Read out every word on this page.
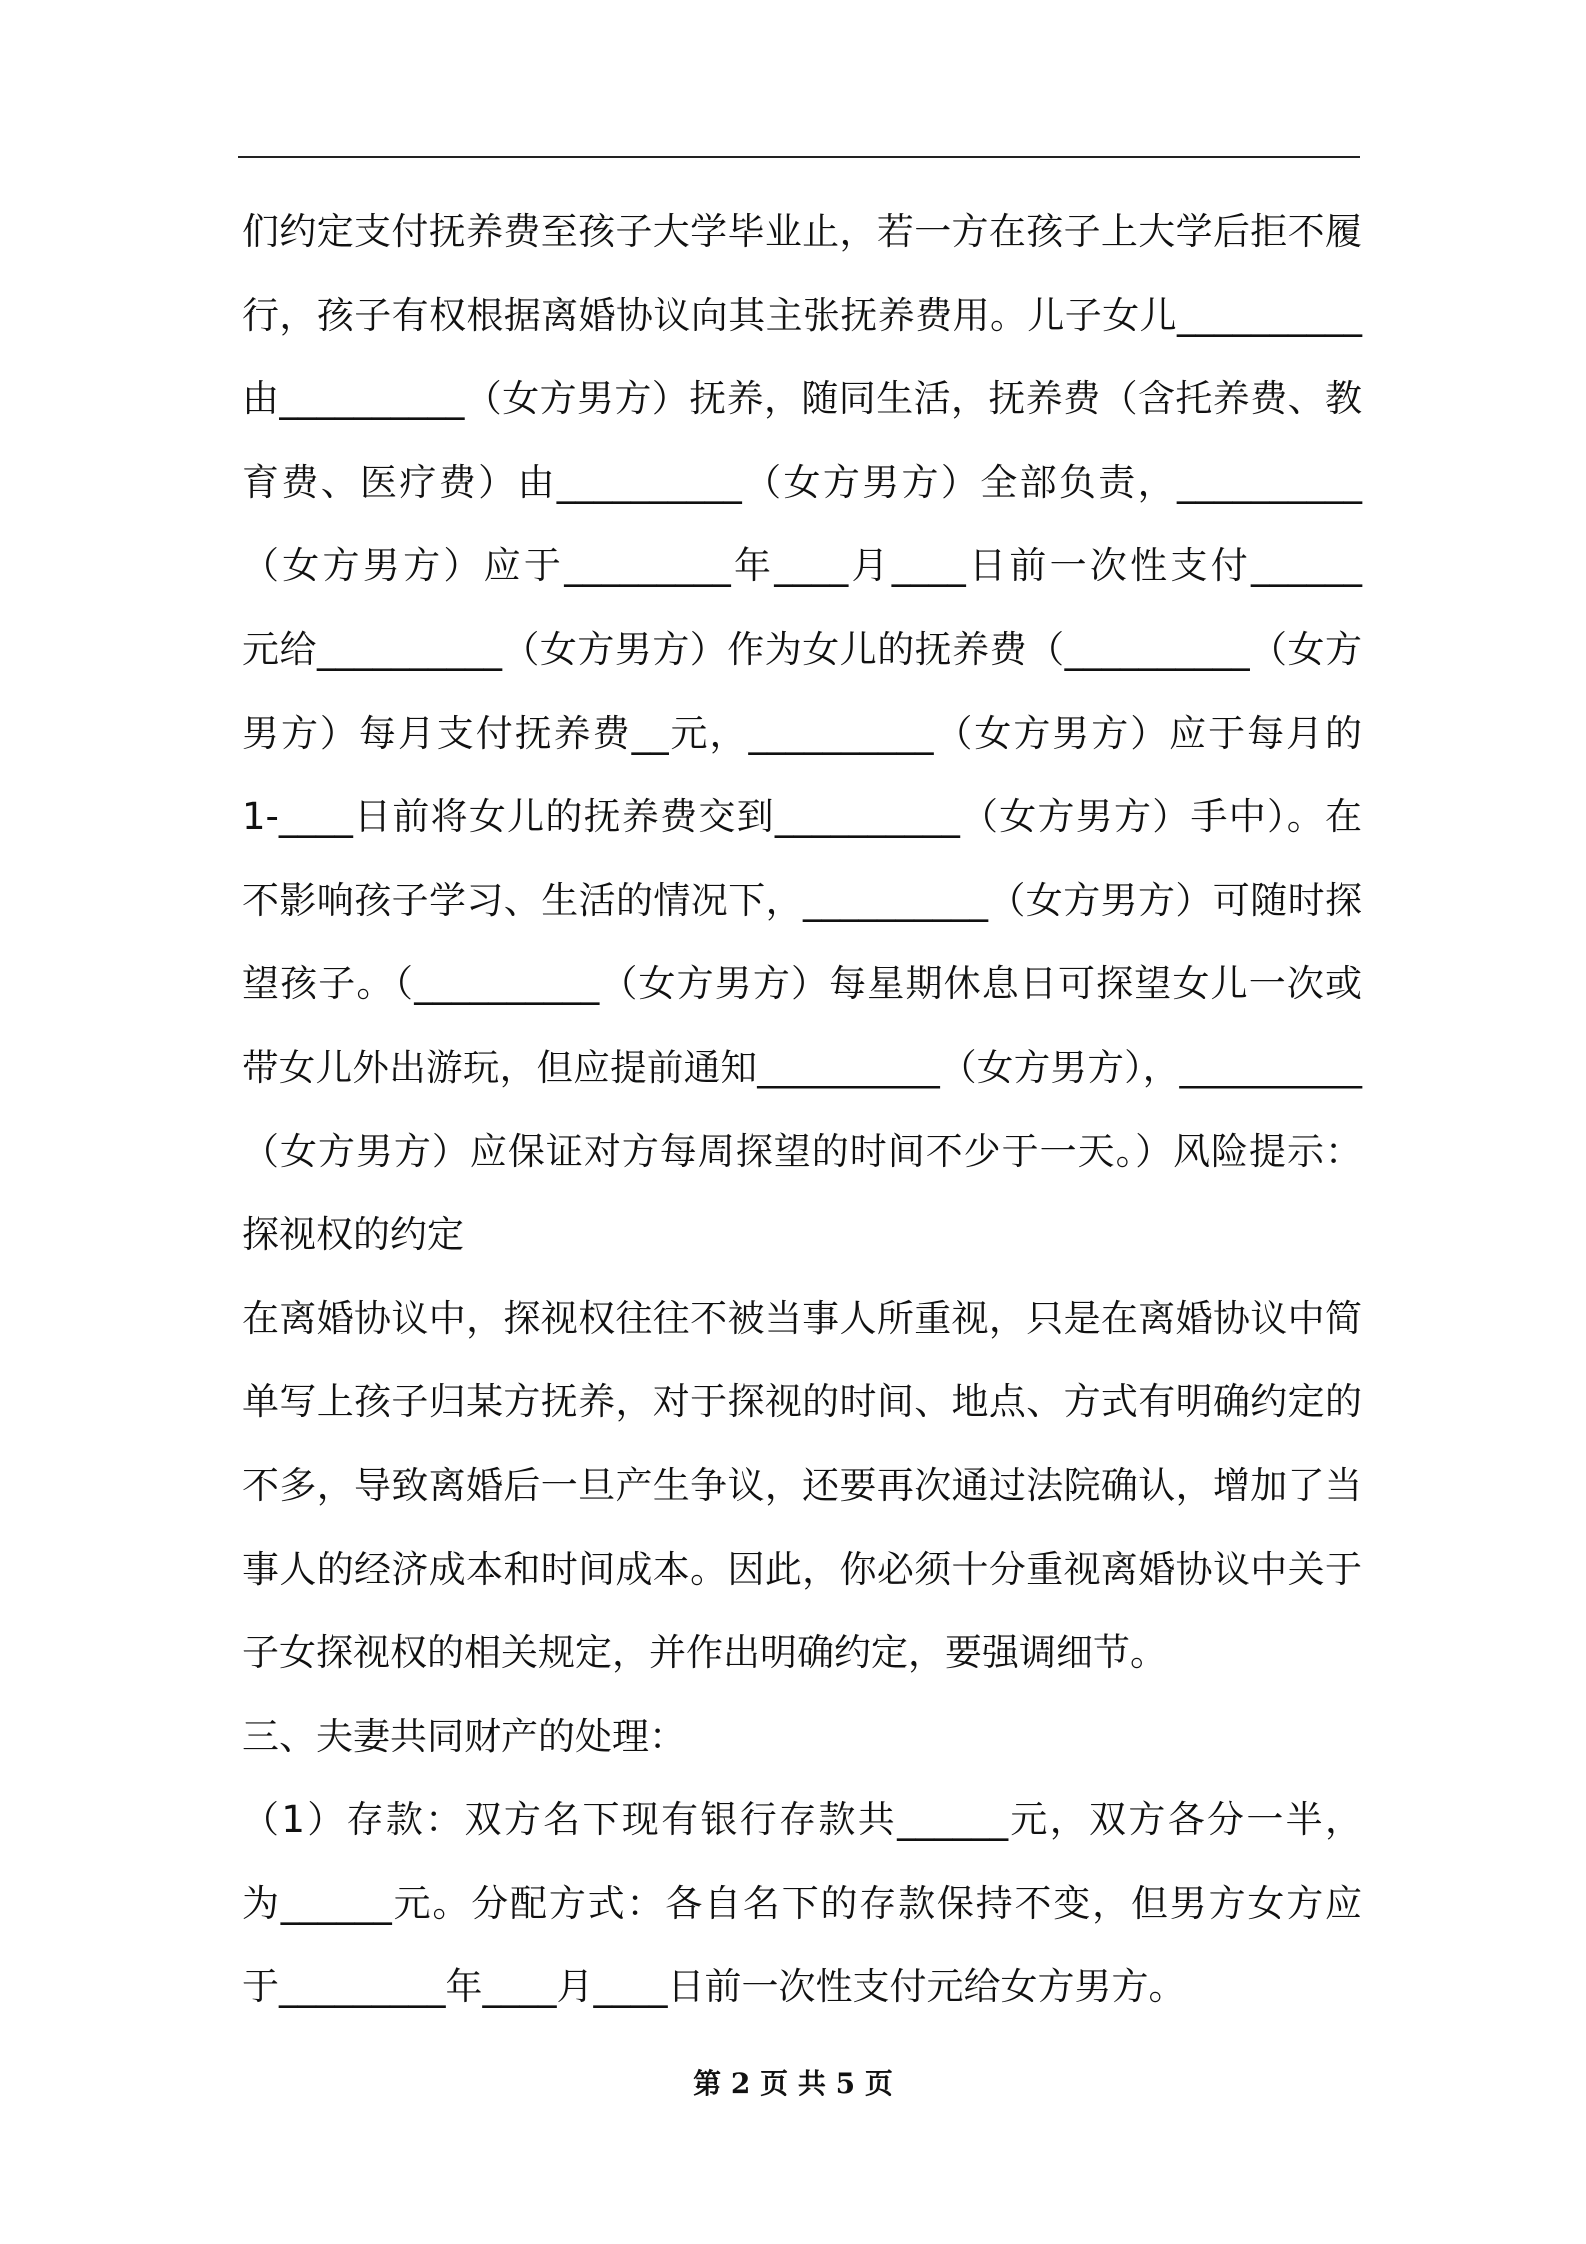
们约定支付抚养费至孩子大学毕业止，若一方在孩子上大学后拒不履
行，孩子有权根据离婚协议向其主张抚养费用。儿子女儿__________
由__________（女方男方）抚养，随同生活，抚养费（含托养费、教
育费、医疗费）由__________（女方男方）全部负责，__________
（女方男方）应于_________年____月____日前一次性支付______
元给__________（女方男方）作为女儿的抚养费（__________（女方
男方）每月支付抚养费__元，__________（女方男方）应于每月的
1-____日前将女儿的抚养费交到__________（女方男方）手中）。在
不影响孩子学习、生活的情况下，__________（女方男方）可随时探
望孩子。（__________（女方男方）每星期休息日可探望女儿一次或
带女儿外出游玩，但应提前通知__________（女方男方），__________
（女方男方）应保证对方每周探望的时间不少于一天。）风险提示：
探视权的约定
在离婚协议中，探视权往往不被当事人所重视，只是在离婚协议中简
单写上孩子归某方抚养，对于探视的时间、地点、方式有明确约定的
不多，导致离婚后一旦产生争议，还要再次通过法院确认，增加了当
事人的经济成本和时间成本。因此，你必须十分重视离婚协议中关于
子女探视权的相关规定，并作出明确约定，要强调细节。
三、夫妻共同财产的处理：
（1）存款：双方名下现有银行存款共______元，双方各分一半，
为______元。分配方式：各自名下的存款保持不变，但男方女方应
于_________年____月____日前一次性支付元给女方男方。
第 2 页 共 5 页
